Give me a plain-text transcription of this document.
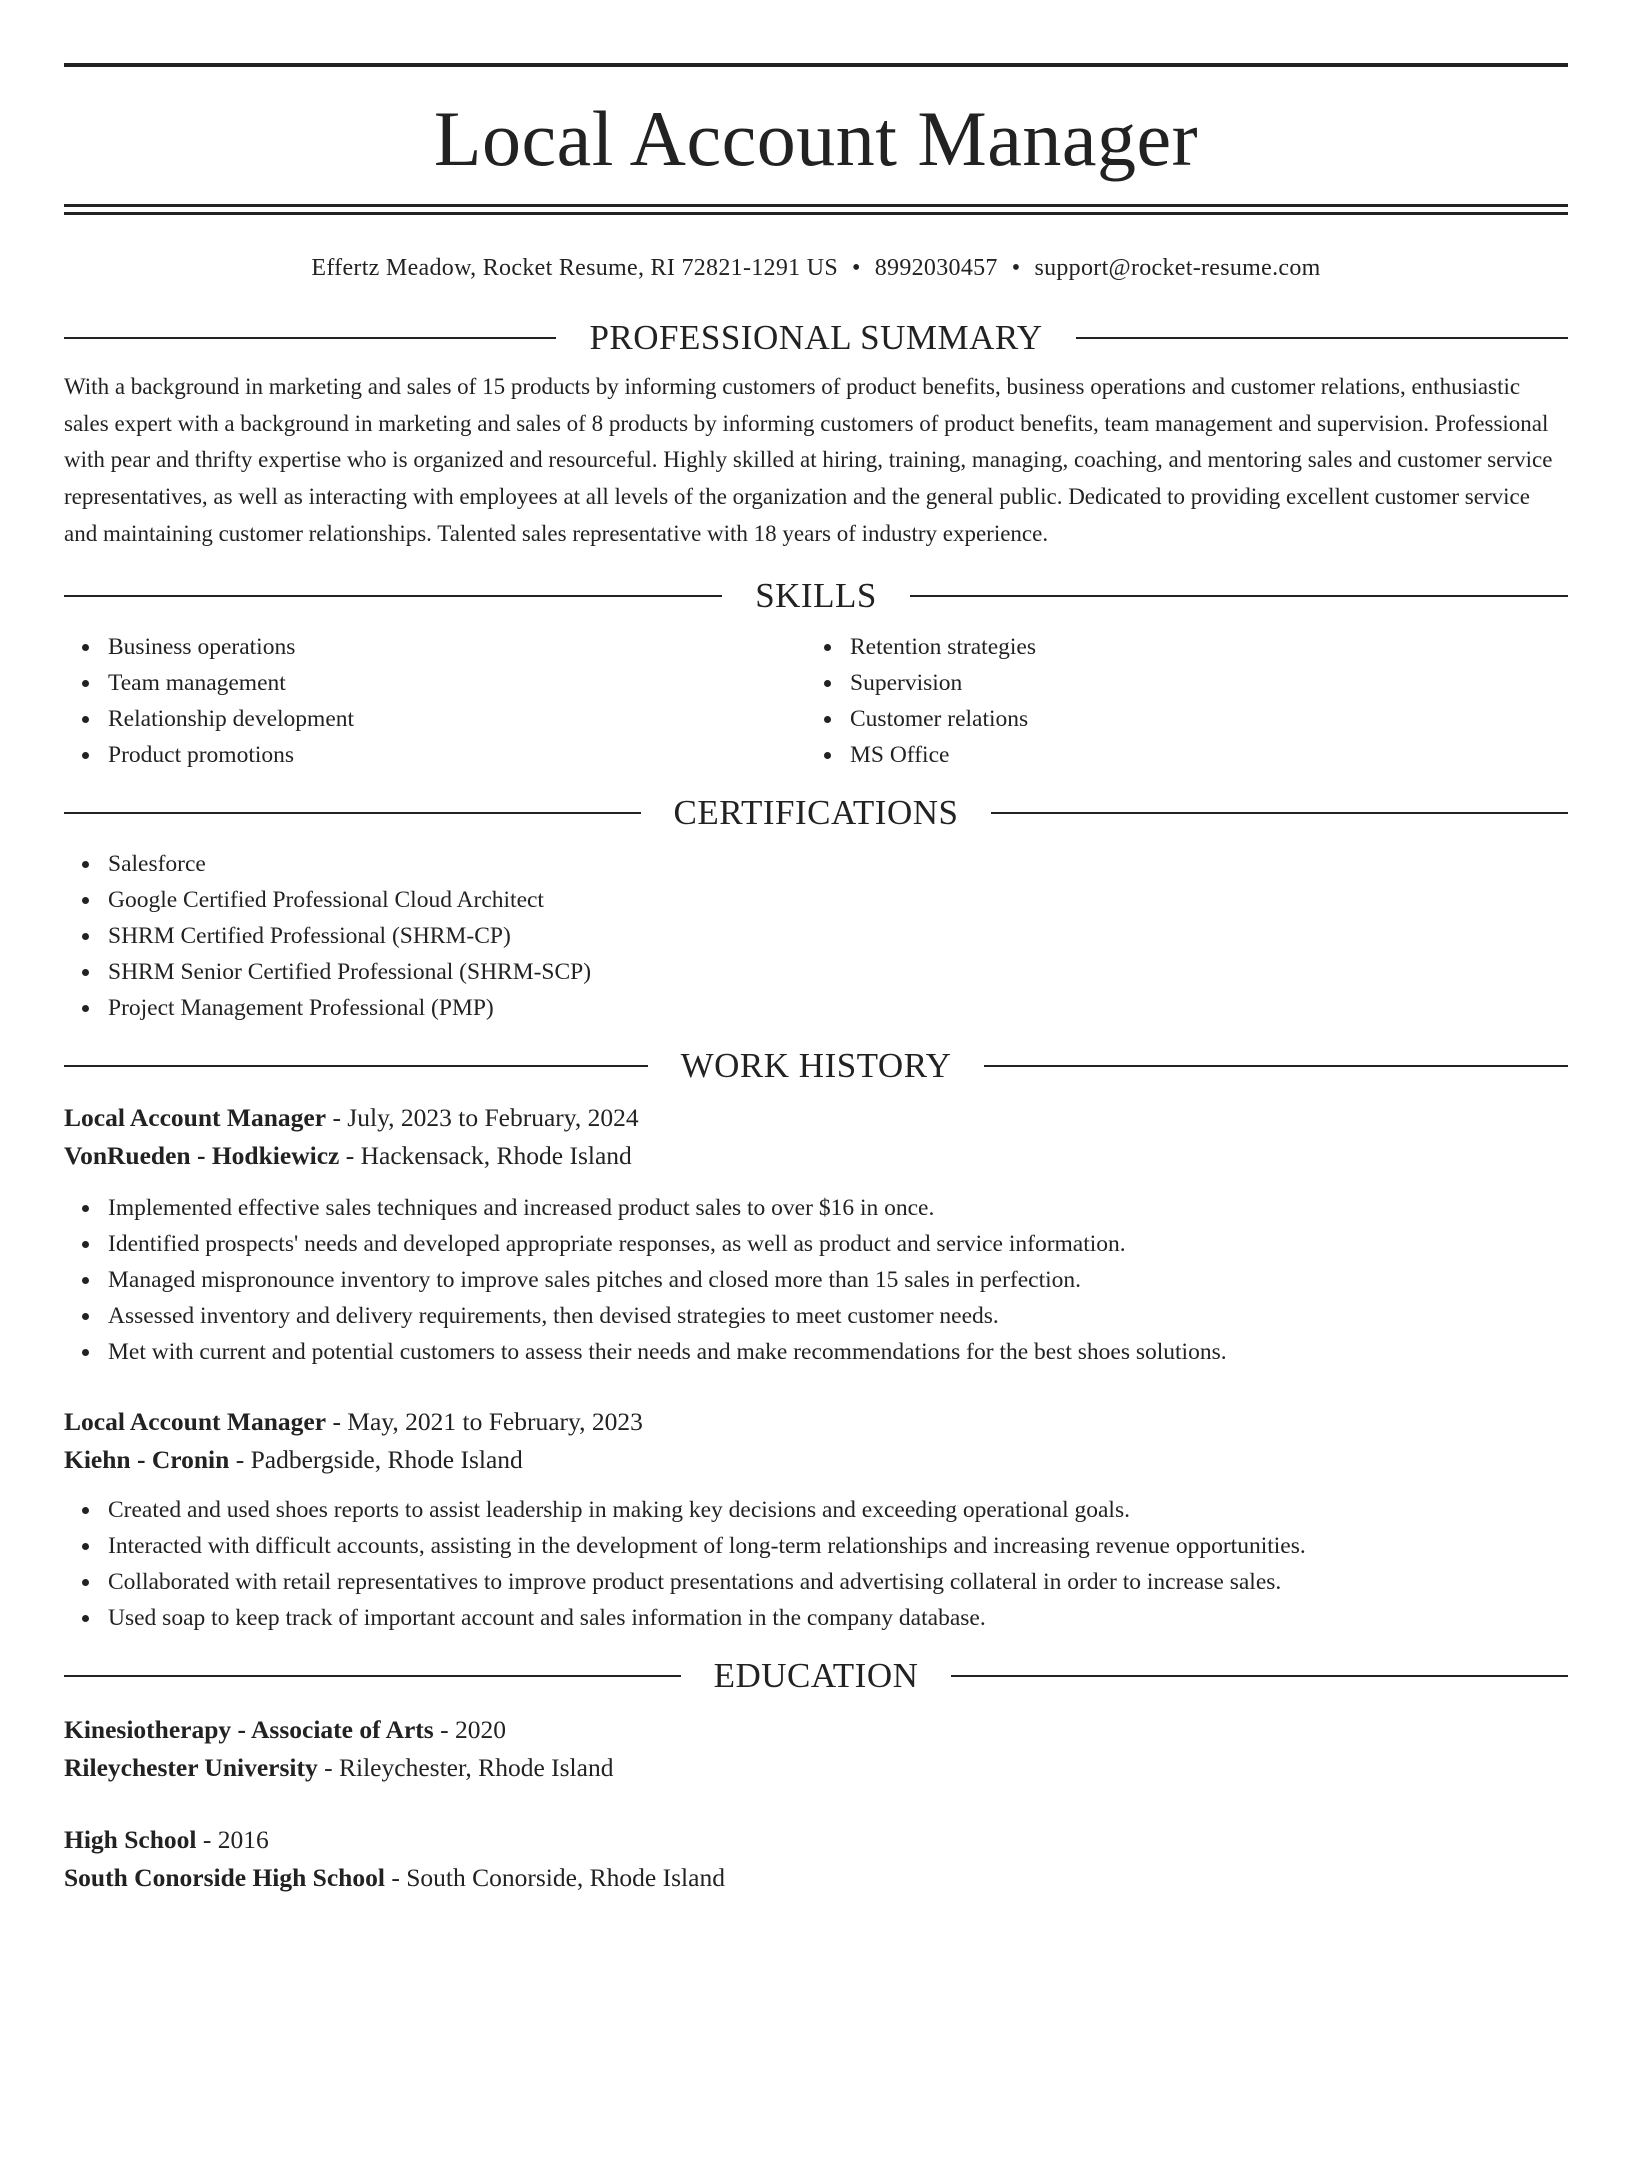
Local Account Manager
Effertz Meadow, Rocket Resume, RI 72821-1291 US • 8992030457 • support@rocket-resume.com
PROFESSIONAL SUMMARY

With a background in marketing and sales of 15 products by informing customers of product benefits, business operations and customer relations, enthusiastic sales expert with a background in marketing and sales of 8 products by informing customers of product benefits, team management and supervision. Professional with pear and thrifty expertise who is organized and resourceful. Highly skilled at hiring, training, managing, coaching, and mentoring sales and customer service representatives, as well as interacting with employees at all levels of the organization and the general public. Dedicated to providing excellent customer service and maintaining customer relationships. Talented sales representative with 18 years of industry experience.

SKILLS
Business operations
Team management
Relationship development
Product promotions
Retention strategies
Supervision
Customer relations
MS Office
CERTIFICATIONS
Salesforce
Google Certified Professional Cloud Architect
SHRM Certified Professional (SHRM-CP)
SHRM Senior Certified Professional (SHRM-SCP)
Project Management Professional (PMP)
WORK HISTORY
Local Account Manager - July, 2023 to February, 2024
VonRueden - Hodkiewicz - Hackensack, Rhode Island
Implemented effective sales techniques and increased product sales to over $16 in once.
Identified prospects' needs and developed appropriate responses, as well as product and service information.
Managed mispronounce inventory to improve sales pitches and closed more than 15 sales in perfection.
Assessed inventory and delivery requirements, then devised strategies to meet customer needs.
Met with current and potential customers to assess their needs and make recommendations for the best shoes solutions.
Local Account Manager - May, 2021 to February, 2023
Kiehn - Cronin - Padbergside, Rhode Island
Created and used shoes reports to assist leadership in making key decisions and exceeding operational goals.
Interacted with difficult accounts, assisting in the development of long-term relationships and increasing revenue opportunities.
Collaborated with retail representatives to improve product presentations and advertising collateral in order to increase sales.
Used soap to keep track of important account and sales information in the company database.
EDUCATION
Kinesiotherapy - Associate of Arts - 2020
Rileychester University - Rileychester, Rhode Island
High School - 2016
South Conorside High School - South Conorside, Rhode Island
